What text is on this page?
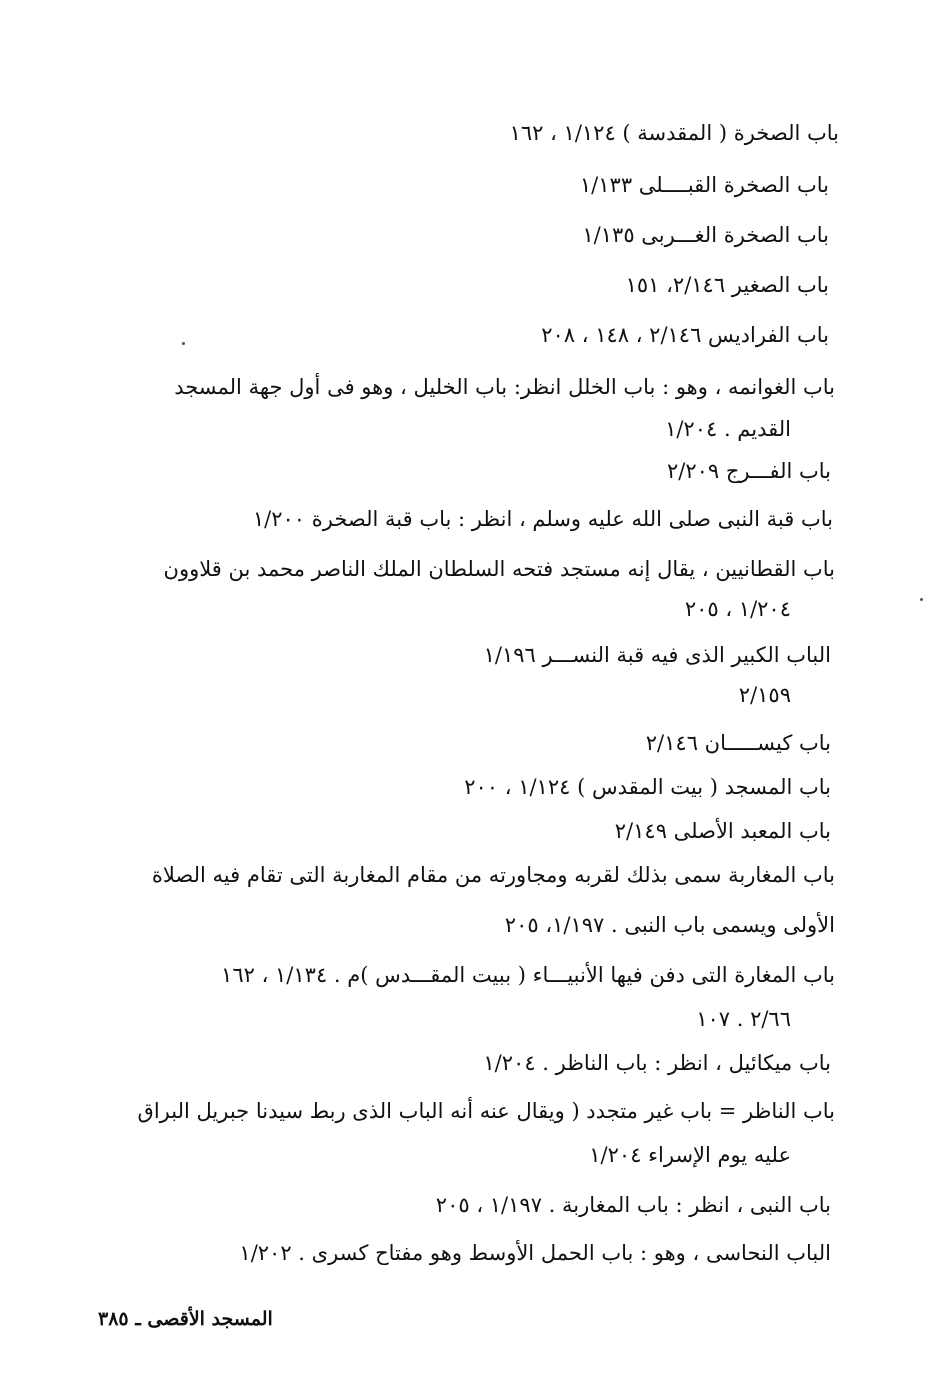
باب الصخرة ( المقدسة ) ١/١٢٤ ، ١٦٢
باب الصخرة القبــــلى ١/١٣٣
باب الصخرة الغـــربى ١/١٣٥
باب الصغير ٢/١٤٦، ١٥١
باب الفراديس ٢/١٤٦ ، ١٤٨ ، ٢٠٨
باب الغوانمه ، وهو : باب الخلل انظر: باب الخليل ، وهو فى أول جهة المسجد
القديم . ١/٢٠٤
باب الفـــرج ٢/٢٠٩
باب قبة النبى صلى الله عليه وسلم ، انظر : باب قبة الصخرة ١/٢٠٠
باب القطانيين ، يقال إنه مستجد فتحه السلطان الملك الناصر محمد بن قلاوون
١/٢٠٤ ، ٢٠٥
الباب الكبير الذى فيه قبة النســـر ١/١٩٦
٢/١٥٩
باب كيســـــان ٢/١٤٦
باب المسجد ( بيت المقدس ) ١/١٢٤ ، ٢٠٠
باب المعبد الأصلى ٢/١٤٩
باب المغاربة سمى بذلك لقربه ومجاورته من مقام المغاربة التى تقام فيه الصلاة
الأولى ويسمى باب النبى . ١/١٩٧، ٢٠٥
باب المغارة التى دفن فيها الأنبيـــاء ( ببيت المقـــدس )م . ١/١٣٤ ، ١٦٢
٢/٦٦ . ١٠٧
باب ميكائيل ، انظر : باب الناظر . ١/٢٠٤
باب الناظر = باب غير متجدد ( ويقال عنه أنه الباب الذى ربط سيدنا جبريل البراق
عليه يوم الإسراء ١/٢٠٤
باب النبى ، انظر : باب المغاربة . ١/١٩٧ ، ٢٠٥
الباب النحاسى ، وهو : باب الحمل الأوسط وهو مفتاح كسرى . ١/٢٠٢
المسجد الأقصى ـ ٣٨٥
